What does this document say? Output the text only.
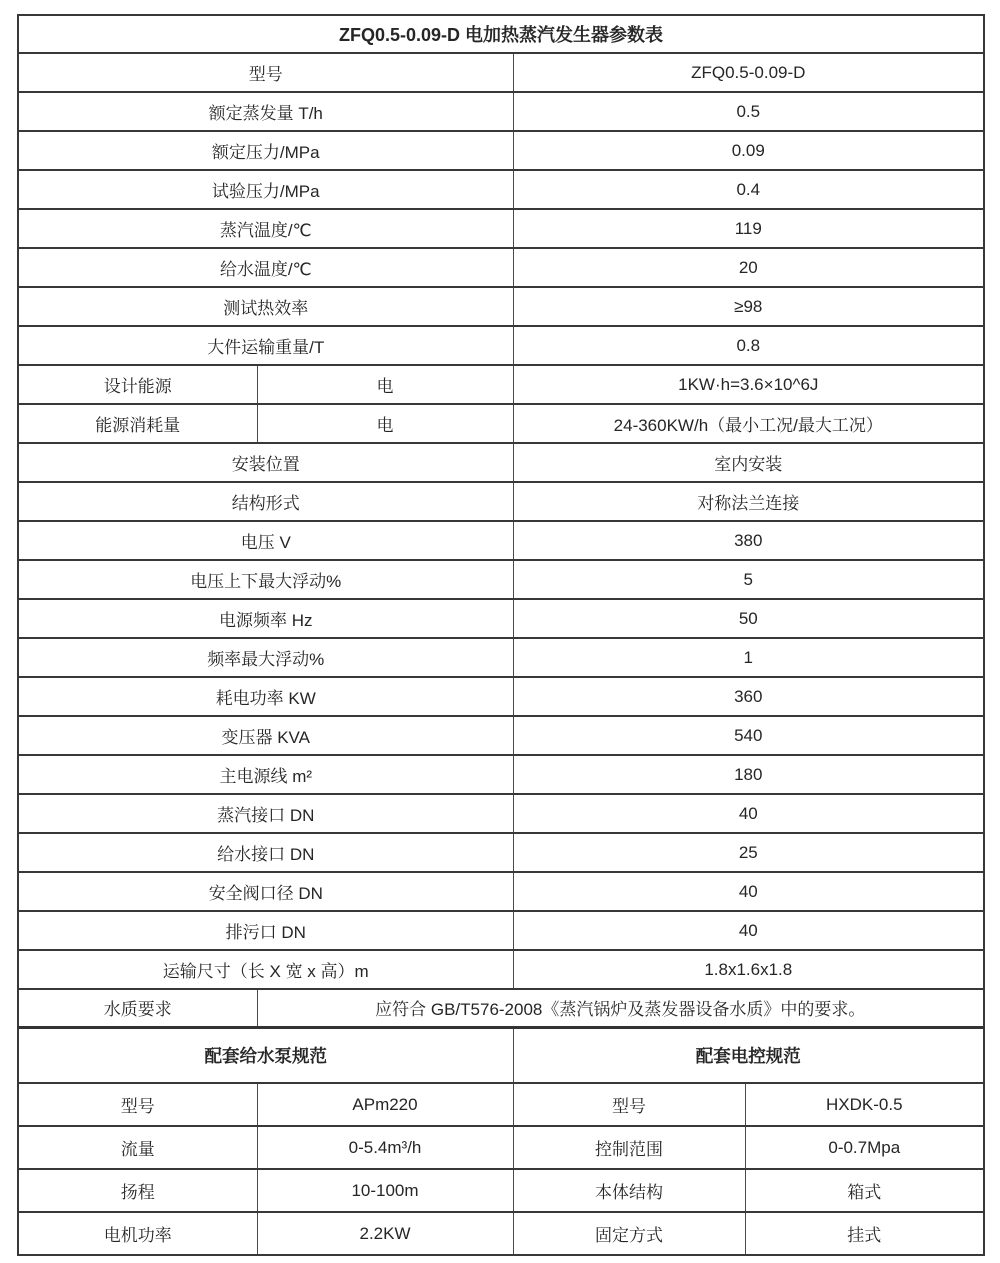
ZFQ0.5-0.09-D 电加热蒸汽发生器参数表			
型号		ZFQ0.5-0.09-D	
额定蒸发量 T/h		0.5	
额定压力/MPa		0.09	
试验压力/MPa		0.4	
蒸汽温度/℃		119	
给水温度/℃		20	
测试热效率		≥98	
大件运输重量/T		0.8	
设计能源	电	1KW·h=3.6×10^6J	
能源消耗量	电	24-360KW/h（最小工况/最大工况）	
安装位置		室内安装	
结构形式		对称法兰连接	
电压 V		380	
电压上下最大浮动%		5	
电源频率 Hz		50	
频率最大浮动%		1	
耗电功率 KW		360	
变压器 KVA		540	
主电源线 m²		180	
蒸汽接口 DN		40	
给水接口 DN		25	
安全阀口径 DN		40	
排污口 DN		40	
运输尺寸（长 X 宽 x 高）m		1.8x1.6x1.8	
水质要求	应符合 GB/T576-2008《蒸汽锅炉及蒸发器设备水质》中的要求。		
配套给水泵规范		配套电控规范	
型号	APm220	型号	HXDK-0.5
流量	0-5.4m³/h	控制范围	0-0.7Mpa
扬程	10-100m	本体结构	箱式
电机功率	2.2KW	固定方式	挂式
